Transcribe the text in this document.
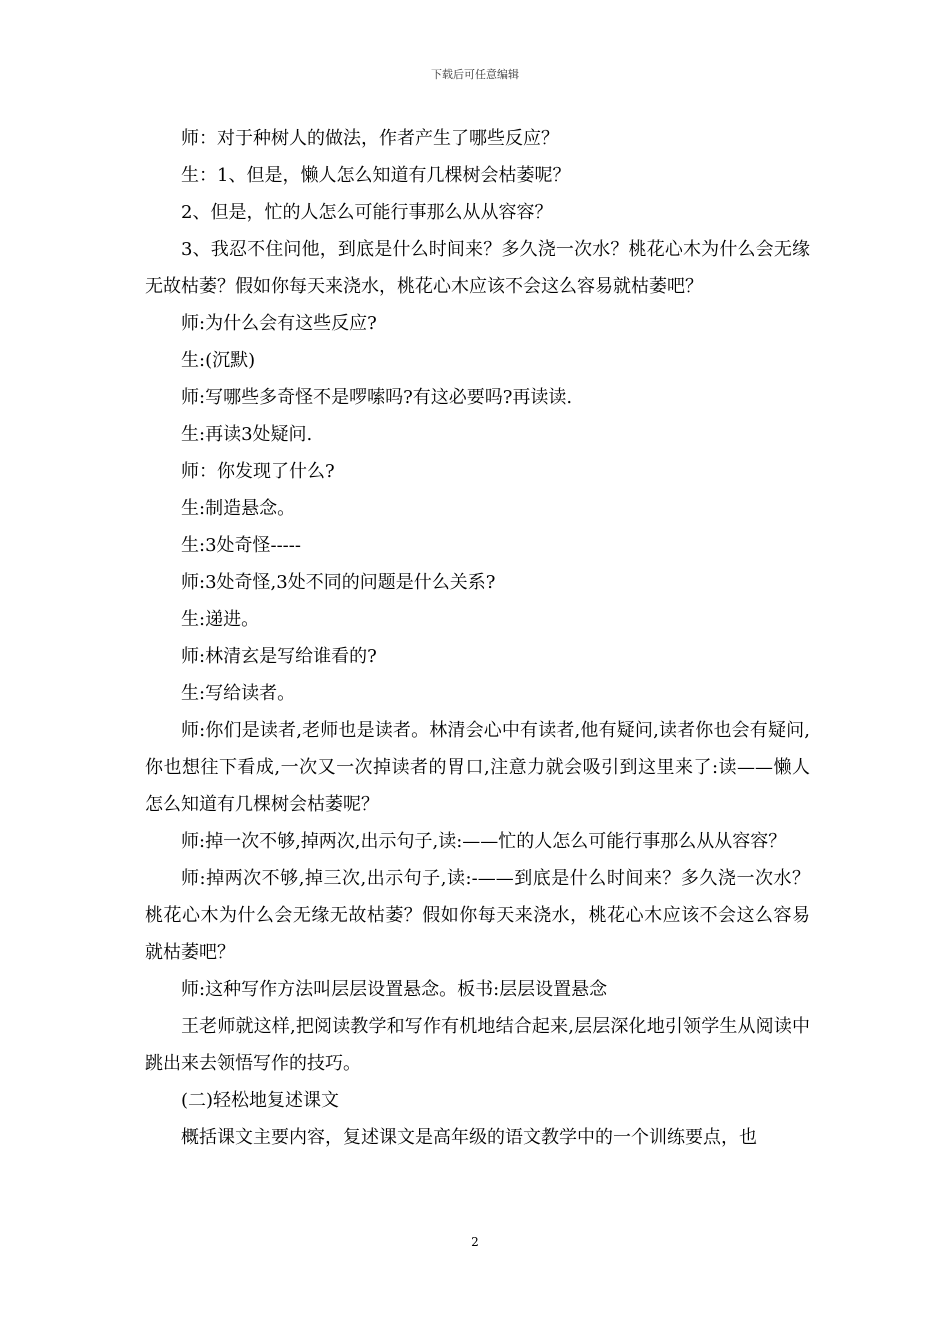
下载后可任意编辑

师：对于种树人的做法，作者产生了哪些反应？

生：1、但是，懒人怎么知道有几棵树会枯萎呢？

2、但是，忙的人怎么可能行事那么从从容容？

3、我忍不住问他，到底是什么时间来？多久浇一次水？桃花心木为什么会无缘无故枯萎？假如你每天来浇水，桃花心木应该不会这么容易就枯萎吧？

师:为什么会有这些反应?

生:(沉默)

师:写哪些多奇怪不是啰嗦吗?有这必要吗?再读读.

生:再读3处疑问.

师：你发现了什么?

生:制造悬念。

生:3处奇怪-----

师:3处奇怪,3处不同的问题是什么关系?

生:递进。

师:林清玄是写给谁看的?

生:写给读者。

师:你们是读者,老师也是读者。林清会心中有读者,他有疑问,读者你也会有疑问,你也想往下看成,一次又一次掉读者的胃口,注意力就会吸引到这里来了:读——懒人怎么知道有几棵树会枯萎呢？

师:掉一次不够,掉两次,出示句子,读:——忙的人怎么可能行事那么从从容容？

师:掉两次不够,掉三次,出示句子,读:-——到底是什么时间来？多久浇一次水？桃花心木为什么会无缘无故枯萎？假如你每天来浇水，桃花心木应该不会这么容易就枯萎吧？

师:这种写作方法叫层层设置悬念。板书:层层设置悬念

王老师就这样,把阅读教学和写作有机地结合起来,层层深化地引领学生从阅读中跳出来去领悟写作的技巧。

(二)轻松地复述课文

概括课文主要内容，复述课文是高年级的语文教学中的一个训练要点，也

2
